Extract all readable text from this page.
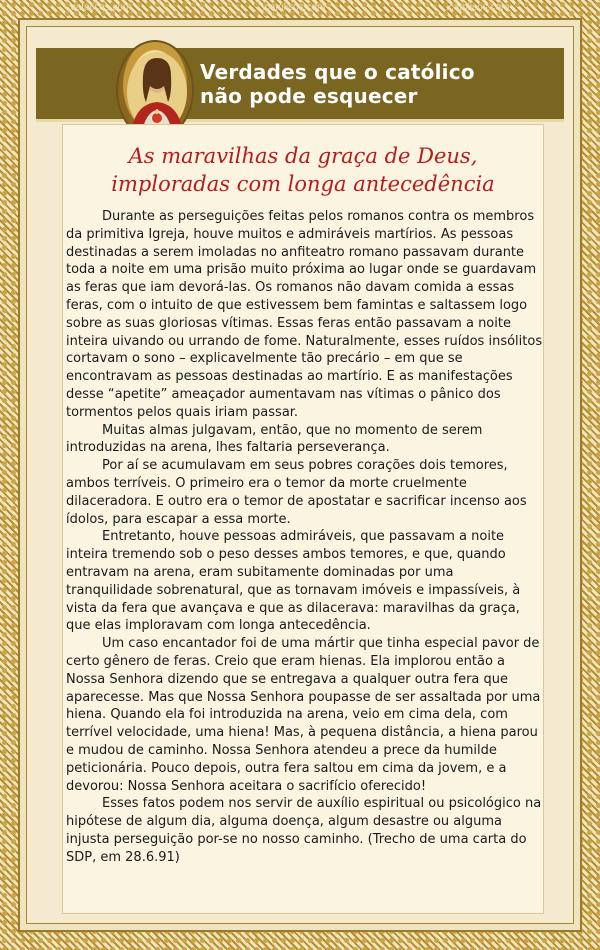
Verdades que o católico
não pode esquecer
As maravilhas da graça de Deus,
imploradas com longa antecedência

Durante as perseguições feitas pelos romanos contra os membros da primitiva Igreja, houve muitos e admiráveis martírios. As pessoas destinadas a serem imoladas no anfiteatro romano passavam durante toda a noite em uma prisão muito próxima ao lugar onde se guardavam as feras que iam devorá-las. Os romanos não davam comida a essas feras, com o intuito de que estivessem bem famintas e saltassem logo sobre as suas gloriosas vítimas. Essas feras então passavam a noite inteira uivando ou urrando de fome. Naturalmente, esses ruídos insólitos cortavam o sono – explicavelmente tão precário – em que se encontravam as pessoas destinadas ao martírio. E as manifestações desse “apetite” ameaçador aumentavam nas vítimas o pânico dos tormentos pelos quais iriam passar.

Muitas almas julgavam, então, que no momento de serem introduzidas na arena, lhes faltaria perseverança.

Por aí se acumulavam em seus pobres corações dois temores, ambos terríveis. O primeiro era o temor da morte cruelmente dilaceradora. E outro era o temor de apostatar e sacrificar incenso aos ídolos, para escapar a essa morte.

Entretanto, houve pessoas admiráveis, que passavam a noite inteira tremendo sob o peso desses ambos temores, e que, quando entravam na arena, eram subitamente dominadas por uma tranquilidade sobrenatural, que as tornavam imóveis e impassíveis, à vista da fera que avançava e que as dilacerava: maravilhas da graça, que elas imploravam com longa antecedência.

Um caso encantador foi de uma mártir que tinha especial pavor de certo gênero de feras. Creio que eram hienas. Ela implorou então a Nossa Senhora dizendo que se entregava a qualquer outra fera que aparecesse. Mas que Nossa Senhora poupasse de ser assaltada por uma hiena. Quando ela foi introduzida na arena, veio em cima dela, com terrível velocidade, uma hiena! Mas, à pequena distância, a hiena parou e mudou de caminho. Nossa Senhora atendeu a prece da humilde peticionária. Pouco depois, outra fera saltou em cima da jovem, e a devorou: Nossa Senhora aceitara o sacrifício oferecido!

Esses fatos podem nos servir de auxílio espiritual ou psicológico na hipótese de algum dia, alguma doença, algum desastre ou alguma injusta perseguição por-se no nosso caminho. (Trecho de uma carta do SDP, em 28.6.91)

.catolicos.com	.catolicos.com	.catolicos.com
